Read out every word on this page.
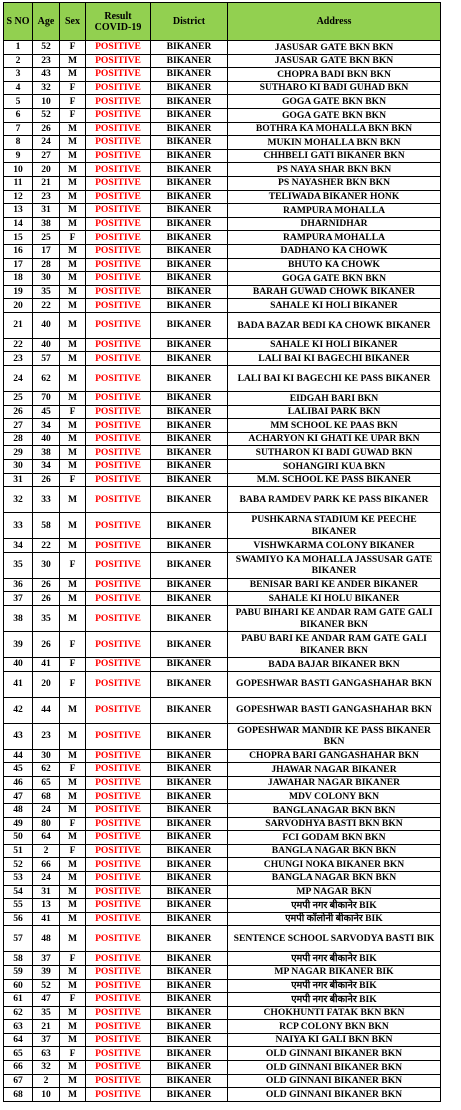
S NO	Age	Sex	Result COVID-19	District	Address
1	52	F	POSITIVE	BIKANER	JASUSAR GATE BKN BKN
2	23	M	POSITIVE	BIKANER	JASUSAR GATE BKN BKN
3	43	M	POSITIVE	BIKANER	CHOPRA BADI BKN BKN
4	32	F	POSITIVE	BIKANER	SUTHARO KI BADI GUHAD BKN
5	10	F	POSITIVE	BIKANER	GOGA GATE BKN BKN
6	52	F	POSITIVE	BIKANER	GOGA GATE BKN BKN
7	26	M	POSITIVE	BIKANER	BOTHRA KA MOHALLA BKN BKN
8	24	M	POSITIVE	BIKANER	MUKIN MOHALLA BKN BKN
9	27	M	POSITIVE	BIKANER	CHHBELI GATI BIKANER BKN
10	20	M	POSITIVE	BIKANER	PS NAYA SHAR BKN BKN
11	21	M	POSITIVE	BIKANER	PS NAYASHER BKN BKN
12	23	M	POSITIVE	BIKANER	TELIWADA BIKANER HONK
13	31	M	POSITIVE	BIKANER	RAMPURA MOHALLA
14	38	M	POSITIVE	BIKANER	DHARNIDHAR
15	25	F	POSITIVE	BIKANER	RAMPURA MOHALLA
16	17	M	POSITIVE	BIKANER	DADHANO KA CHOWK
17	28	M	POSITIVE	BIKANER	BHUTO KA CHOWK
18	30	M	POSITIVE	BIKANER	GOGA GATE BKN BKN
19	35	M	POSITIVE	BIKANER	BARAH GUWAD CHOWK BIKANER
20	22	M	POSITIVE	BIKANER	SAHALE KI HOLI BIKANER
21	40	M	POSITIVE	BIKANER	BADA BAZAR BEDI KA CHOWK BIKANER
22	40	M	POSITIVE	BIKANER	SAHALE KI HOLI BIKANER
23	57	M	POSITIVE	BIKANER	LALI BAI KI BAGECHI BIKANER
24	62	M	POSITIVE	BIKANER	LALI BAI KI BAGECHI KE PASS BIKANER
25	70	M	POSITIVE	BIKANER	EIDGAH BARI BKN
26	45	F	POSITIVE	BIKANER	LALIBAI PARK BKN
27	34	M	POSITIVE	BIKANER	MM SCHOOL KE PAAS BKN
28	40	M	POSITIVE	BIKANER	ACHARYON KI GHATI KE UPAR BKN
29	38	M	POSITIVE	BIKANER	SUTHARON KI BADI GUWAD BKN
30	34	M	POSITIVE	BIKANER	SOHANGIRI KUA BKN
31	26	F	POSITIVE	BIKANER	M.M. SCHOOL KE PASS BIKANER
32	33	M	POSITIVE	BIKANER	BABA RAMDEV PARK KE PASS BIKANER
33	58	M	POSITIVE	BIKANER	PUSHKARNA STADIUM KE PEECHE BIKANER
34	22	M	POSITIVE	BIKANER	VISHWKARMA COLONY BIKANER
35	30	F	POSITIVE	BIKANER	SWAMIYO KA MOHALLA JASSUSAR GATE BIKANER
36	26	M	POSITIVE	BIKANER	BENISAR BARI KE ANDER BIKANER
37	26	M	POSITIVE	BIKANER	SAHALE KI HOLU BIKANER
38	35	M	POSITIVE	BIKANER	PABU BIHARI KE ANDAR RAM GATE GALI BIKANER BKN
39	26	F	POSITIVE	BIKANER	PABU BARI KE ANDAR RAM GATE GALI BIKANER BKN
40	41	F	POSITIVE	BIKANER	BADA BAJAR BIKANER BKN
41	20	F	POSITIVE	BIKANER	GOPESHWAR BASTI GANGASHAHAR BKN
42	44	M	POSITIVE	BIKANER	GOPESHWAR BASTI GANGASHAHAR BKN
43	23	M	POSITIVE	BIKANER	GOPESHWAR MANDIR KE PASS BIKANER BKN
44	30	M	POSITIVE	BIKANER	CHOPRA BARI GANGASHAHAR BKN
45	62	F	POSITIVE	BIKANER	JHAWAR NAGAR BIKANER
46	65	M	POSITIVE	BIKANER	JAWAHAR NAGAR BIKANER
47	68	M	POSITIVE	BIKANER	MDV COLONY BKN
48	24	M	POSITIVE	BIKANER	BANGLANAGAR BKN BKN
49	80	F	POSITIVE	BIKANER	SARVODHYA BASTI BKN BKN
50	64	M	POSITIVE	BIKANER	FCI GODAM BKN BKN
51	2	F	POSITIVE	BIKANER	BANGLA NAGAR BKN BKN
52	66	M	POSITIVE	BIKANER	CHUNGI NOKA BIKANER BKN
53	24	M	POSITIVE	BIKANER	BANGLA NAGAR BKN BKN
54	31	M	POSITIVE	BIKANER	MP NAGAR BKN
55	13	M	POSITIVE	BIKANER	एमपी नगर बीकानेर BIK
56	41	M	POSITIVE	BIKANER	एमपी कॉलोनी बीकानेर BIK
57	48	M	POSITIVE	BIKANER	SENTENCE SCHOOL SARVODYA BASTI BIK
58	37	F	POSITIVE	BIKANER	एमपी नगर बीकानेर BIK
59	39	M	POSITIVE	BIKANER	MP NAGAR BIKANER BIK
60	52	M	POSITIVE	BIKANER	एमपी नगर बीकानेर BIK
61	47	F	POSITIVE	BIKANER	एमपी नगर बीकानेर BIK
62	35	M	POSITIVE	BIKANER	CHOKHUNTI FATAK BKN BKN
63	21	M	POSITIVE	BIKANER	RCP COLONY BKN BKN
64	37	M	POSITIVE	BIKANER	NAIYA KI GALI BKN BKN
65	63	F	POSITIVE	BIKANER	OLD GINNANI BIKANER BKN
66	32	M	POSITIVE	BIKANER	OLD GINNANI BIKANER BKN
67	2	M	POSITIVE	BIKANER	OLD GINNANI BIKANER BKN
68	10	M	POSITIVE	BIKANER	OLD GINNANI BIKANER BKN
